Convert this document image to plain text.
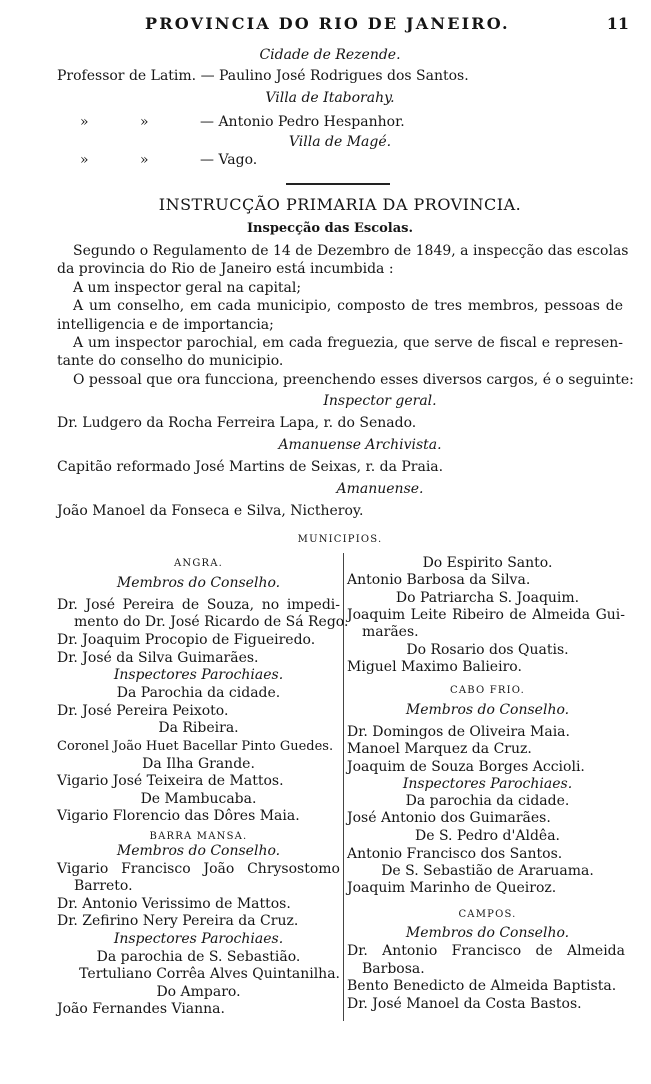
PROVINCIA DO RIO DE JANEIRO.	11
Cidade de Rezende.
Professor de Latim. — Paulino José Rodrigues dos Santos.
Villa de Itaborahy.
»	»	— Antonio Pedro Hespanhor.
Villa de Magé.
»	»	— Vago.
INSTRUCÇÃO PRIMARIA DA PROVINCIA.
Inspecção das Escolas.
Segundo o Regulamento de 14 de Dezembro de 1849, a inspecção das escolas
da provincia do Rio de Janeiro está incumbida :
A um inspector geral na capital;
A um conselho, em cada municipio, composto de tres membros, pessoas de
intelligencia e de importancia;
A um inspector parochial, em cada freguezia, que serve de fiscal e represen-
tante do conselho do municipio.
O pessoal que ora funcciona, preenchendo esses diversos cargos, é o seguinte:
Inspector geral.
Dr. Ludgero da Rocha Ferreira Lapa, r. do Senado.
Amanuense Archivista.
Capitão reformado José Martins de Seixas, r. da Praia.
Amanuense.
João Manoel da Fonseca e Silva, Nictheroy.
MUNICIPIOS.
ANGRA.
Membros do Conselho.
Dr. José Pereira de Souza, no impedi-
mento do Dr. José Ricardo de Sá Rego.
Dr. Joaquim Procopio de Figueiredo.
Dr. José da Silva Guimarães.
Inspectores Parochiaes.
Da Parochia da cidade.
Dr. José Pereira Peixoto.
Da Ribeira.
Coronel João Huet Bacellar Pinto Guedes.
Da Ilha Grande.
Vigario José Teixeira de Mattos.
De Mambucaba.
Vigario Florencio das Dôres Maia.
BARRA MANSA.
Membros do Conselho.
Vigario Francisco João Chrysostomo
Barreto.
Dr. Antonio Verissimo de Mattos.
Dr. Zefirino Nery Pereira da Cruz.
Inspectores Parochiaes.
Da parochia de S. Sebastião.
Tertuliano Corrêa Alves Quintanilha.
Do Amparo.
João Fernandes Vianna.
Do Espirito Santo.
Antonio Barbosa da Silva.
Do Patriarcha S. Joaquim.
Joaquim Leite Ribeiro de Almeida Gui-
marães.
Do Rosario dos Quatis.
Miguel Maximo Balieiro.
CABO FRIO.
Membros do Conselho.
Dr. Domingos de Oliveira Maia.
Manoel Marquez da Cruz.
Joaquim de Souza Borges Accioli.
Inspectores Parochiaes.
Da parochia da cidade.
José Antonio dos Guimarães.
De S. Pedro d'Aldêa.
Antonio Francisco dos Santos.
De S. Sebastião de Araruama.
Joaquim Marinho de Queiroz.
CAMPOS.
Membros do Conselho.
Dr. Antonio Francisco de Almeida
Barbosa.
Bento Benedicto de Almeida Baptista.
Dr. José Manoel da Costa Bastos.
